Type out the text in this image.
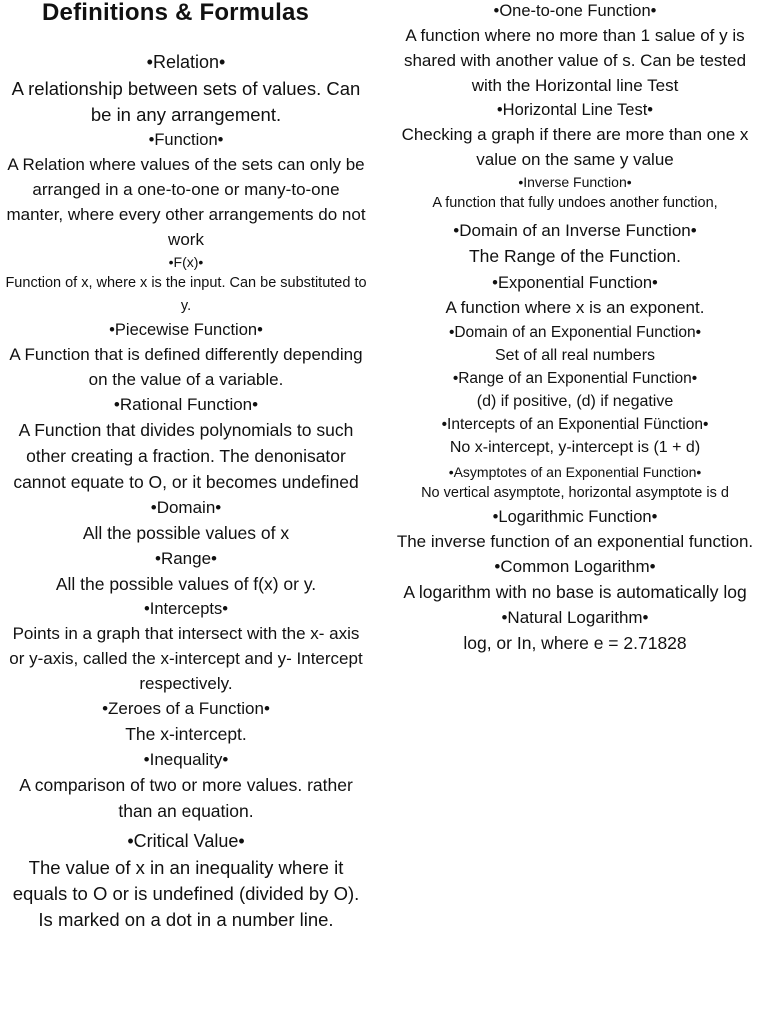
Definitions & Formulas
•Relation•
A relationship between sets of values. Can be in any arrangement.
•Function•
A Relation where values of the sets can only be arranged in a one-to-one or many-to-one manter, where every other arrangements do not work
•F(x)•
Function of x, where x is the input. Can be substituted to y.
•Piecewise Function•
A Function that is defined differently depending on the value of a variable.
•Rational Function•
A Function that divides polynomials to such other creating a fraction. The denonisator cannot equate to O, or it becomes undefined
•Domain•
All the possible values of x
•Range•
All the possible values of f(x) or y.
•Intercepts•
Points in a graph that intersect with the x- axis or y-axis, called the x-intercept and y- Intercept respectively.
•Zeroes of a Function•
The x-intercept.
•Inequality•
A comparison of two or more values. rather than an equation.
•Critical Value•
The value of x in an inequality where it equals to O or is undefined (divided by O). Is marked on a dot in a number line.
•One-to-one Function•
A function where no more than 1 salue of y is shared with another value of s. Can be tested with the Horizontal line Test
•Horizontal Line Test•
Checking a graph if there are more than one x value on the same y value
•Inverse Function•
A function that fully undoes another function,
•Domain of an Inverse Function•
The Range of the Function.
•Exponential Function•
A function where x is an exponent.
•Domain of an Exponential Function•
Set of all real numbers
•Range of an Exponential Function•
(d) if positive, (d) if negative
•Intercepts of an Exponential Fünction•
No x-intercept, y-intercept is (1 + d)
•Asymptotes of an Exponential Function•
No vertical asymptote, horizontal asymptote is d
•Logarithmic Function•
The inverse function of an exponential function.
•Common Logarithm•
A logarithm with no base is automatically log
•Natural Logarithm•
log, or In, where e = 2.71828
